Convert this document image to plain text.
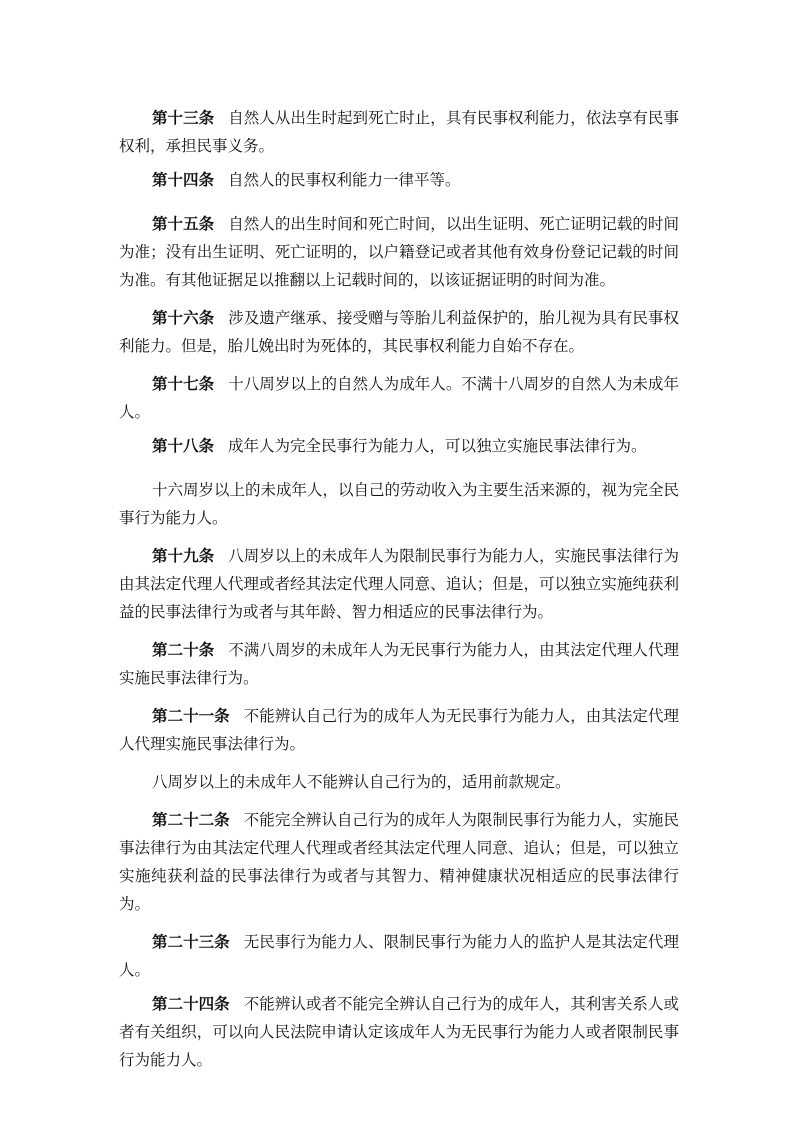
第十三条 自然人从出生时起到死亡时止，具有民事权利能力，依法享有民事权利，承担民事义务。

第十四条 自然人的民事权利能力一律平等。

第十五条 自然人的出生时间和死亡时间，以出生证明、死亡证明记载的时间为准；没有出生证明、死亡证明的，以户籍登记或者其他有效身份登记记载的时间为准。有其他证据足以推翻以上记载时间的，以该证据证明的时间为准。

第十六条 涉及遗产继承、接受赠与等胎儿利益保护的，胎儿视为具有民事权利能力。但是，胎儿娩出时为死体的，其民事权利能力自始不存在。

第十七条 十八周岁以上的自然人为成年人。不满十八周岁的自然人为未成年人。

第十八条 成年人为完全民事行为能力人，可以独立实施民事法律行为。

十六周岁以上的未成年人，以自己的劳动收入为主要生活来源的，视为完全民事行为能力人。

第十九条 八周岁以上的未成年人为限制民事行为能力人，实施民事法律行为由其法定代理人代理或者经其法定代理人同意、追认；但是，可以独立实施纯获利益的民事法律行为或者与其年龄、智力相适应的民事法律行为。

第二十条 不满八周岁的未成年人为无民事行为能力人，由其法定代理人代理实施民事法律行为。

第二十一条 不能辨认自己行为的成年人为无民事行为能力人，由其法定代理人代理实施民事法律行为。

八周岁以上的未成年人不能辨认自己行为的，适用前款规定。

第二十二条 不能完全辨认自己行为的成年人为限制民事行为能力人，实施民事法律行为由其法定代理人代理或者经其法定代理人同意、追认；但是，可以独立实施纯获利益的民事法律行为或者与其智力、精神健康状况相适应的民事法律行为。

第二十三条 无民事行为能力人、限制民事行为能力人的监护人是其法定代理人。

第二十四条 不能辨认或者不能完全辨认自己行为的成年人，其利害关系人或者有关组织，可以向人民法院申请认定该成年人为无民事行为能力人或者限制民事行为能力人。
